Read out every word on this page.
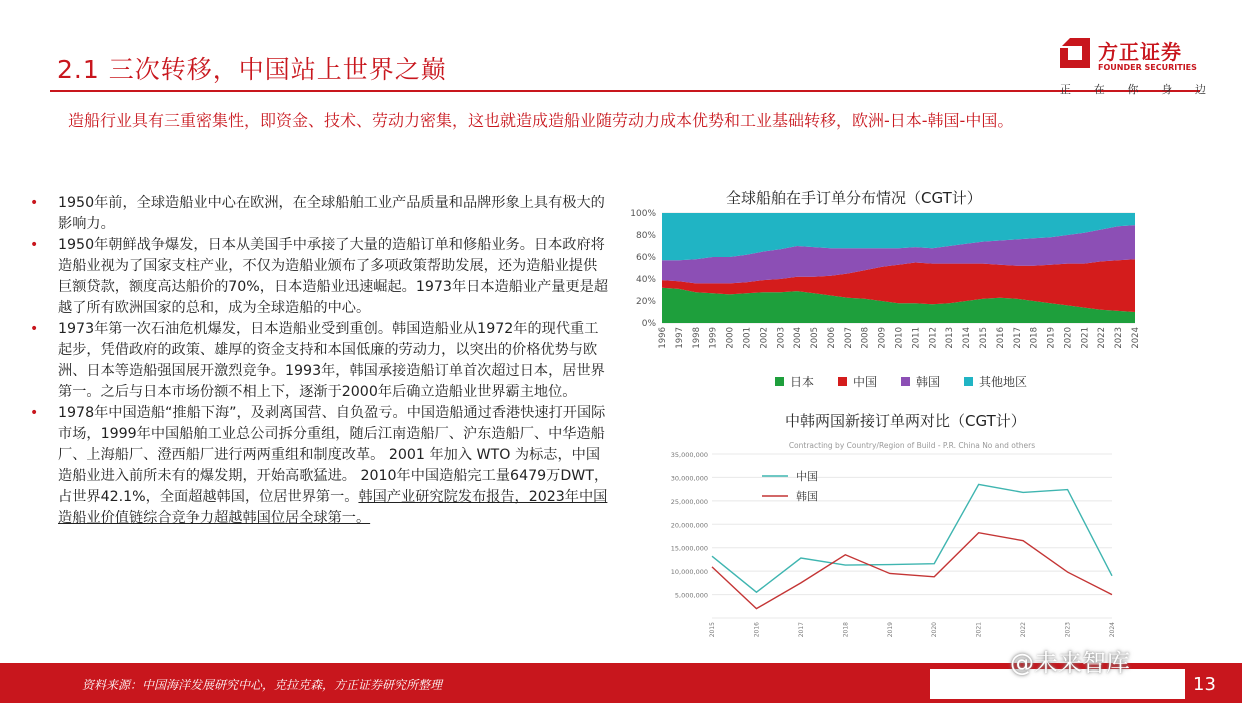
2.1 三次转移，中国站上世界之巅
方正证券
FOUNDER SECURITIES
正 在 你 身 边
造船行业具有三重密集性，即资金、技术、劳动力密集，这也就造成造船业随劳动力成本优势和工业基础转移，欧洲-日本-韩国-中国。
• 1950年前，全球造船业中心在欧洲，在全球船舶工业产品质量和品牌形象上具有极大的影响力。
• 1950年朝鲜战争爆发，日本从美国手中承接了大量的造船订单和修船业务。日本政府将造船业视为了国家支柱产业，不仅为造船业颁布了多项政策帮助发展，还为造船业提供巨额贷款，额度高达船价的70%，日本造船业迅速崛起。1973年日本造船业产量更是超越了所有欧洲国家的总和，成为全球造船的中心。
• 1973年第一次石油危机爆发，日本造船业受到重创。韩国造船业从1972年的现代重工起步，凭借政府的政策、雄厚的资金支持和本国低廉的劳动力，以突出的价格优势与欧洲、日本等造船强国展开激烈竞争。1993年，韩国承接造船订单首次超过日本，居世界第一。之后与日本市场份额不相上下，逐渐于2000年后确立造船业世界霸主地位。
• 1978年中国造船“推船下海”，及剥离国营、自负盈亏。中国造船通过香港快速打开国际市场，1999年中国船舶工业总公司拆分重组，随后江南造船厂、沪东造船厂、中华造船厂、上海船厂、澄西船厂进行两两重组和制度改革。 2001 年加入 WTO 为标志，中国造船业进入前所未有的爆发期，开始高歌猛进。 2010年中国造船完工量6479万DWT，占世界42.1%，全面超越韩国，位居世界第一。韩国产业研究院发布报告，2023年中国造船业价值链综合竞争力超越韩国位居全球第一。
全球船舶在手订单分布情况（CGT计）
0%
20%
40%
60%
80%
100%
1996 1997 1998 1999 2000 2001 2002 2003 2004 2005 2006 2007 2008 2009 2010 2011 2012 2013 2014 2015 2016 2017 2018 2019 2020 2021 2022 2023 2024
日本	中国	韩国	其他地区
中韩两国新接订单两对比（CGT计）
Contracting by Country/Region of Build - P.R. China No and others
5,000,000
10,000,000
15,000,000
20,000,000
25,000,000
30,000,000
35,000,000
2015	2016	2017	2018	2019	2020	2021	2022	2023	2024
中国
韩国
资料来源：中国海洋发展研究中心，克拉克森，方正证券研究所整理
@未来智库
13
